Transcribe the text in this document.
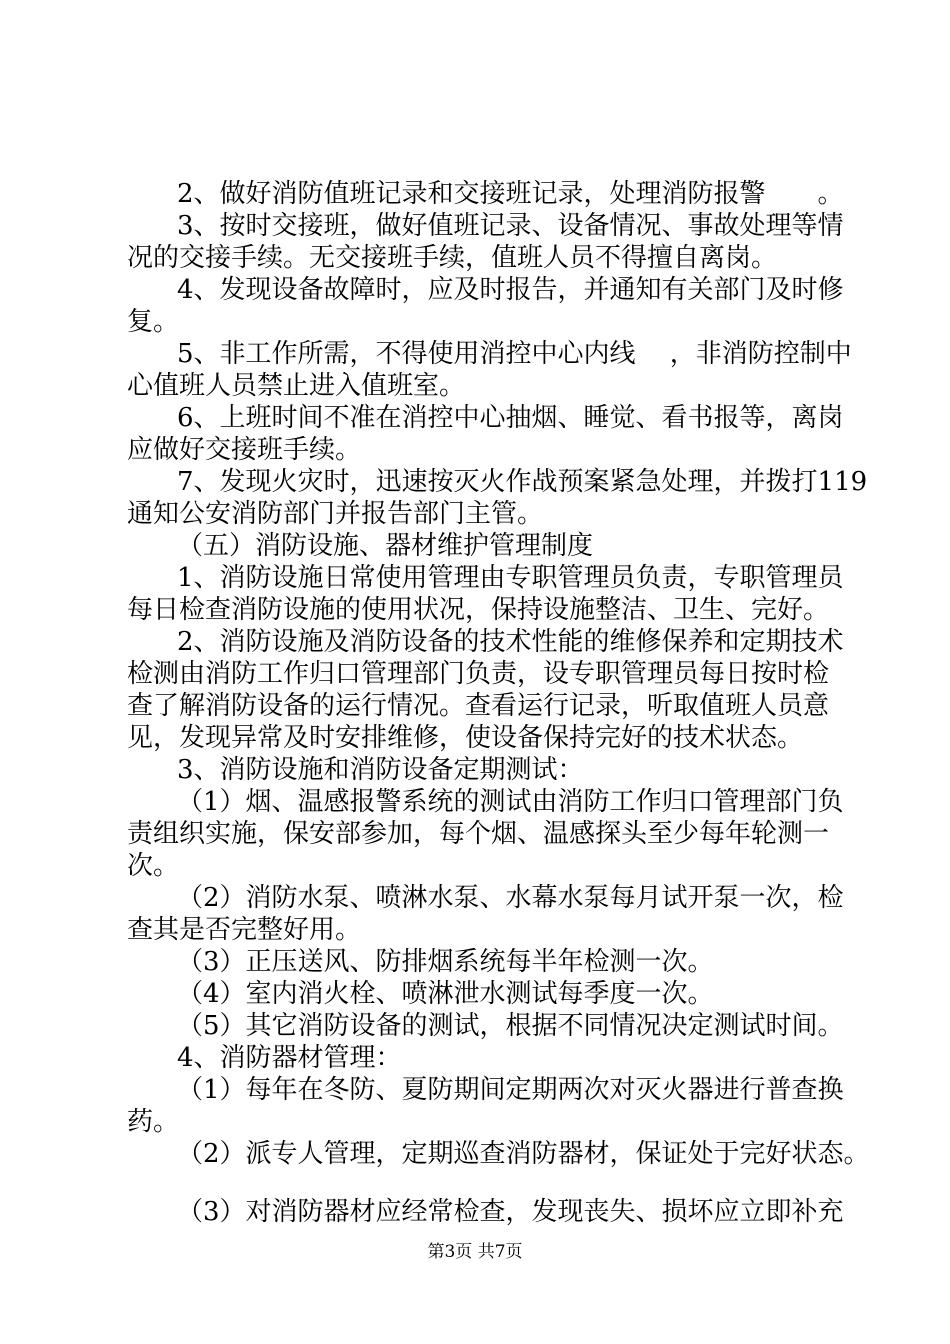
2、做好消防值班记录和交接班记录，处理消防报警　　。
3、按时交接班，做好值班记录、设备情况、事故处理等情
况的交接手续。无交接班手续，值班人员不得擅自离岗。
4、发现设备故障时，应及时报告，并通知有关部门及时修
复。
5、非工作所需，不得使用消控中心内线　 ，非消防控制中
心值班人员禁止进入值班室。
6、上班时间不准在消控中心抽烟、睡觉、看书报等，离岗
应做好交接班手续。
7、发现火灾时，迅速按灭火作战预案紧急处理，并拨打119
通知公安消防部门并报告部门主管。
（五）消防设施、器材维护管理制度
1、消防设施日常使用管理由专职管理员负责，专职管理员
每日检查消防设施的使用状况，保持设施整洁、卫生、完好。
2、消防设施及消防设备的技术性能的维修保养和定期技术
检测由消防工作归口管理部门负责，设专职管理员每日按时检
查了解消防设备的运行情况。查看运行记录，听取值班人员意
见，发现异常及时安排维修，使设备保持完好的技术状态。
3、消防设施和消防设备定期测试：
（1）烟、温感报警系统的测试由消防工作归口管理部门负
责组织实施，保安部参加，每个烟、温感探头至少每年轮测一
次。
（2）消防水泵、喷淋水泵、水幕水泵每月试开泵一次，检
查其是否完整好用。
（3）正压送风、防排烟系统每半年检测一次。
（4）室内消火栓、喷淋泄水测试每季度一次。
（5）其它消防设备的测试，根据不同情况决定测试时间。
4、消防器材管理：
（1）每年在冬防、夏防期间定期两次对灭火器进行普查换
药。
（2）派专人管理，定期巡查消防器材，保证处于完好状态。
（3）对消防器材应经常检查，发现丧失、损坏应立即补充
第3页 共7页
